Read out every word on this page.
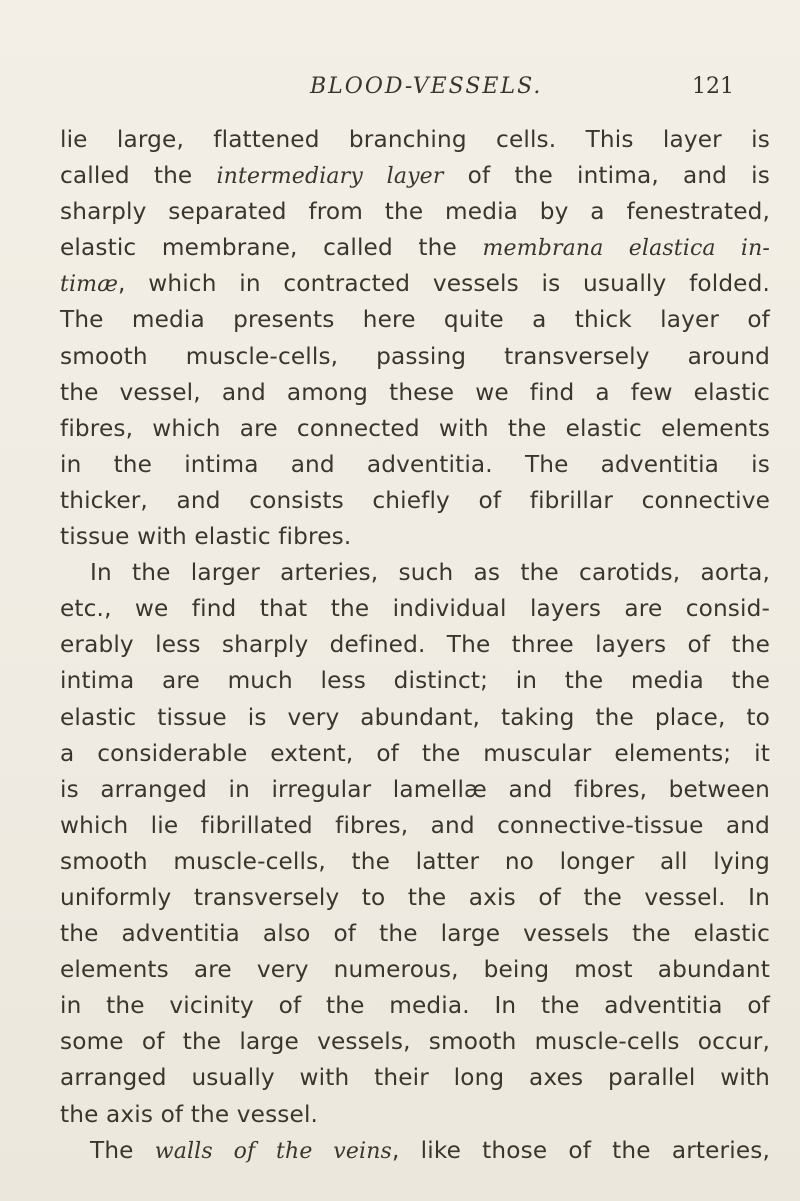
BLOOD-VESSELS.	121
lie large, flattened branching cells. This layer is
called the intermediary layer of the intima, and is
sharply separated from the media by a fenestrated,
elastic membrane, called the membrana elastica in-
timæ, which in contracted vessels is usually folded.
The media presents here quite a thick layer of
smooth muscle-cells, passing transversely around
the vessel, and among these we find a few elastic
fibres, which are connected with the elastic elements
in the intima and adventitia. The adventitia is
thicker, and consists chiefly of fibrillar connective
tissue with elastic fibres.
In the larger arteries, such as the carotids, aorta,
etc., we find that the individual layers are consid-
erably less sharply defined. The three layers of the
intima are much less distinct; in the media the
elastic tissue is very abundant, taking the place, to
a considerable extent, of the muscular elements; it
is arranged in irregular lamellæ and fibres, between
which lie fibrillated fibres, and connective-tissue and
smooth muscle-cells, the latter no longer all lying
uniformly transversely to the axis of the vessel. In
the adventitia also of the large vessels the elastic
elements are very numerous, being most abundant
in the vicinity of the media. In the adventitia of
some of the large vessels, smooth muscle-cells occur,
arranged usually with their long axes parallel with
the axis of the vessel.
The walls of the veins, like those of the arteries,
